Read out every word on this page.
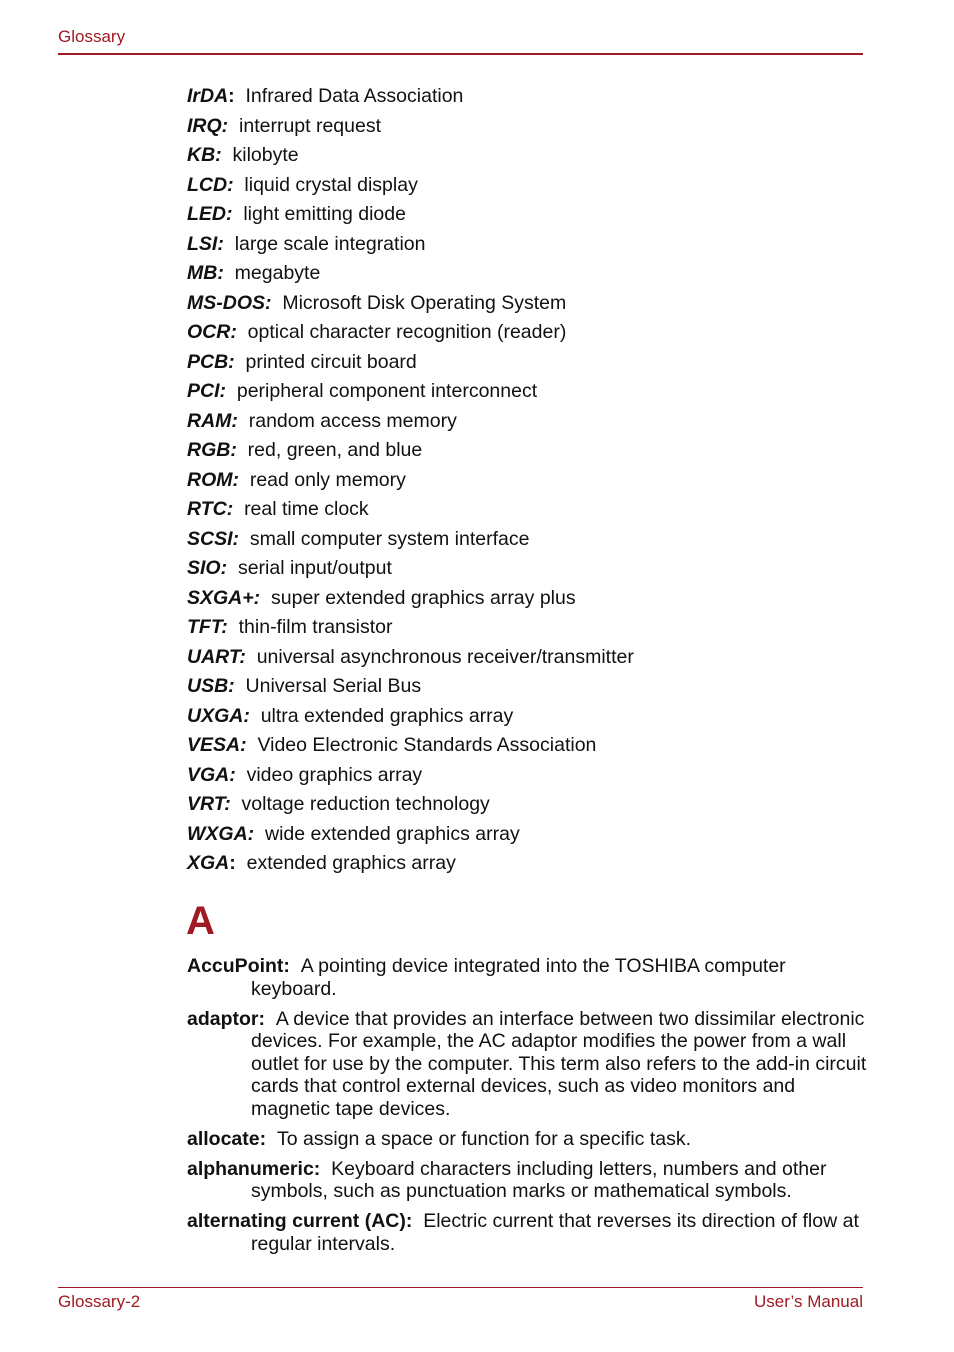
Glossary
IrDA: Infrared Data Association
IRQ: interrupt request
KB: kilobyte
LCD: liquid crystal display
LED: light emitting diode
LSI: large scale integration
MB: megabyte
MS-DOS: Microsoft Disk Operating System
OCR: optical character recognition (reader)
PCB: printed circuit board
PCI: peripheral component interconnect
RAM: random access memory
RGB: red, green, and blue
ROM: read only memory
RTC: real time clock
SCSI: small computer system interface
SIO: serial input/output
SXGA+: super extended graphics array plus
TFT: thin-film transistor
UART: universal asynchronous receiver/transmitter
USB: Universal Serial Bus
UXGA: ultra extended graphics array
VESA: Video Electronic Standards Association
VGA: video graphics array
VRT: voltage reduction technology
WXGA: wide extended graphics array
XGA: extended graphics array
A
AccuPoint: A pointing device integrated into the TOSHIBA computer keyboard.
adaptor: A device that provides an interface between two dissimilar electronic devices. For example, the AC adaptor modifies the power from a wall outlet for use by the computer. This term also refers to the add-in circuit cards that control external devices, such as video monitors and magnetic tape devices.
allocate: To assign a space or function for a specific task.
alphanumeric: Keyboard characters including letters, numbers and other symbols, such as punctuation marks or mathematical symbols.
alternating current (AC): Electric current that reverses its direction of flow at regular intervals.
Glossary-2	User’s Manual
